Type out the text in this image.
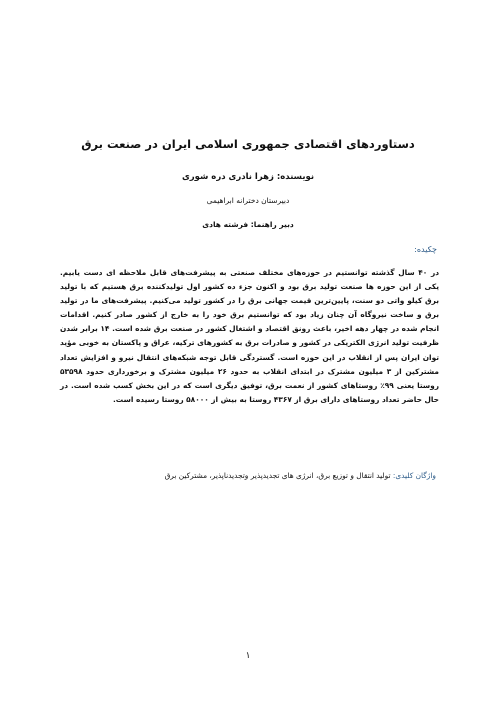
دستاوردهای اقتصادی جمهوری اسلامی ایران در صنعت برق
نویسنده: زهرا نادری دره شوری
دبیرستان دخترانه ابراهیمی
دبیر راهنما: فرشته هادی
چکیده:

در ۴۰ سال گذشته توانستیم در حوزه‌های مختلف صنعتی به پیشرفت‌های قابل ملاحظه ای دست یابیم. یکی از این حوزه ها صنعت تولید برق بود و اکنون جزء ده کشور اول تولیدکننده برق هستیم که با تولید برق کیلو واتی دو سنت، پایین‌ترین قیمت جهانی برق را در کشور تولید می‌کنیم. پیشرفت‌های ما در تولید برق و ساخت نیروگاه آن چنان زیاد بود که توانستیم برق خود را به خارج از کشور صادر کنیم. اقدامات انجام شده در چهار دهه اخیر، باعث رونق اقتصاد و اشتغال کشور در صنعت برق شده است. ۱۴ برابر شدن ظرفیت تولید انرژی الکتریکی در کشور و صادرات برق به کشورهای ترکیه، عراق و پاکستان به خوبی مؤید توان ایران پس از انقلاب در این حوزه است. گستردگی قابل توجه شبکه‌های انتقال نیرو و افزایش تعداد مشترکین از ۳ میلیون مشترک در ابتدای انقلاب به حدود ۲۶ میلیون مشترک و برخورداری حدود ۵۳۵۹۸ روستا یعنی ۹۹٪ روستاهای کشور از نعمت برق، توفیق دیگری است که در این بخش کسب شده است. در حال حاضر تعداد روستاهای دارای برق از ۴۳۶۷ روستا به بیش از ۵۸۰۰۰ روستا رسیده است.

واژگان کلیدی: تولید انتقال و توزیع برق، انرژی های تجدیدپذیر وتجدیدناپذیر، مشترکین برق
۱
